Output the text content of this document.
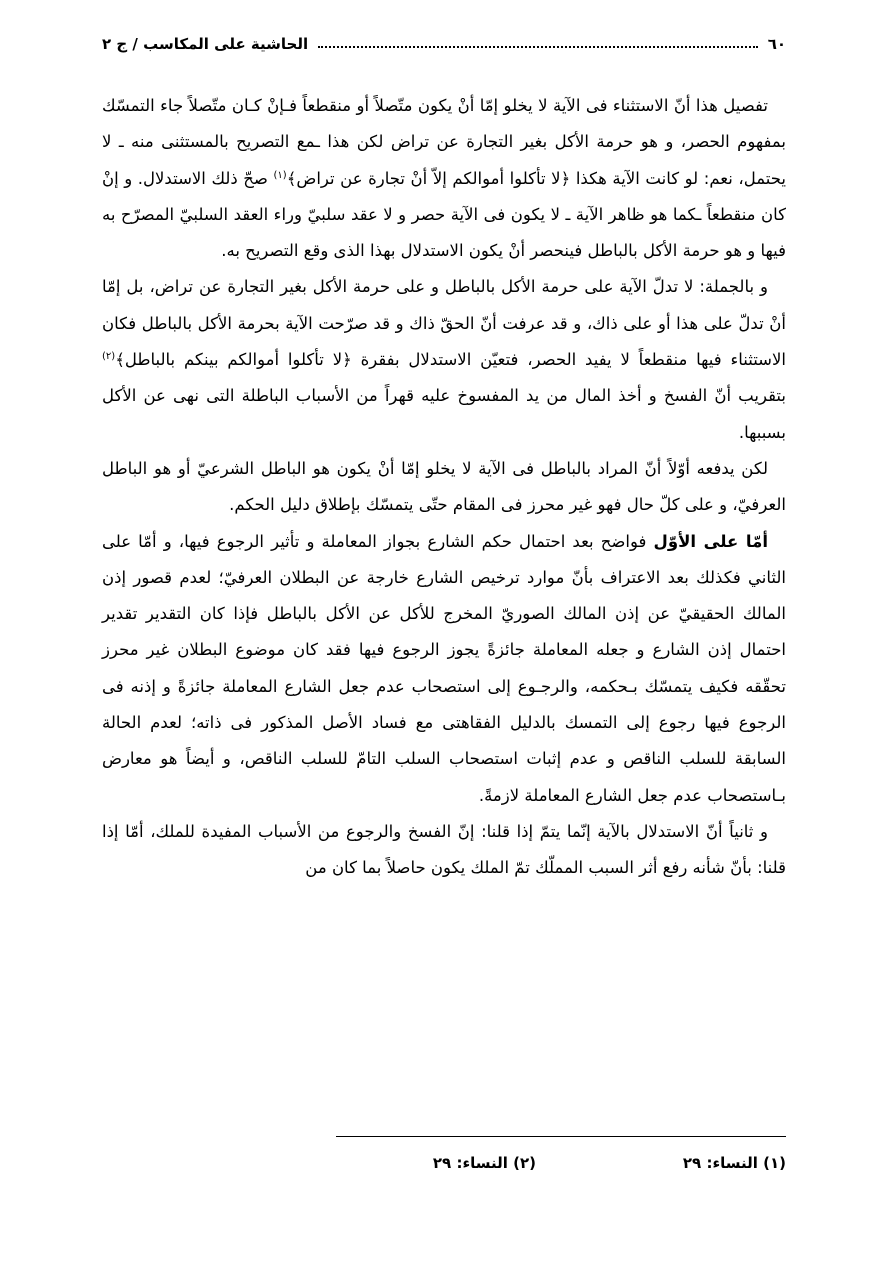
٦٠
الحاشية على المكاسب / ج ٢

تفصيل هذا أنّ الاستثناء فى الآية لا يخلو إمّا أنْ يكون متّصلاً أو منقطعاً فـإنْ كـان متّصلاً جاء التمسّك بمفهوم الحصر، و هو حرمة الأكل بغير التجارة عن تراض لكن هذا ـمع التصريح بالمستثنى منه ـ لا يحتمل، نعم: لو كانت الآية هكذا ﴿لا تأكلوا أموالكم إلاّ أنْ تجارة عن تراض﴾$^{(١)}$ صحّ ذلك الاستدلال. و إنْ كان منقطعاً ـكما هو ظاهر الآية ـ لا يكون فى الآية حصر و لا عقد سلبيّ وراء العقد السلبيّ المصرّح به فيها و هو حرمة الأكل بالباطل فينحصر أنْ يكون الاستدلال بهذا الذى وقع التصريح به.

و بالجملة: لا تدلّ الآية على حرمة الأكل بالباطل و على حرمة الأكل بغير التجارة عن تراض، بل إمّا أنْ تدلّ على هذا أو على ذاك، و قد عرفت أنّ الحقّ ذاك و قد صرّحت الآية بحرمة الأكل بالباطل فكان الاستثناء فيها منقطعاً لا يفيد الحصر، فتعيّن الاستدلال بفقرة ﴿لا تأكلوا أموالكم بينكم بالباطل﴾$^{(٢)}$ بتقريب أنّ الفسخ و أخذ المال من يد المفسوخ عليه قهراً من الأسباب الباطلة التى نهى عن الأكل بسببها.

لكن يدفعه أوّلاً أنّ المراد بالباطل فى الآية لا يخلو إمّا أنْ يكون هو الباطل الشرعيّ أو هو الباطل العرفيّ، و على كلّ حال فهو غير محرز فى المقام حتّى يتمسّك بإطلاق دليل الحكم.

أمّا على الأوّل فواضح بعد احتمال حكم الشارع بجواز المعاملة و تأثير الرجوع فيها، و أمّا على الثاني فكذلك بعد الاعتراف بأنّ موارد ترخيص الشارع خارجة عن البطلان العرفيّ؛ لعدم قصور إذن المالك الحقيقيّ عن إذن المالك الصوريّ المخرج للأكل عن الأكل بالباطل فإذا كان التقدير تقدير احتمال إذن الشارع و جعله المعاملة جائزةً يجوز الرجوع فيها فقد كان موضوع البطلان غير محرز تحقّقه فكيف يتمسّك بـحكمه، والرجـوع إلى استصحاب عدم جعل الشارع المعاملة جائزةً و إذنه فى الرجوع فيها رجوع إلى التمسك بالدليل الفقاهتى مع فساد الأصل المذكور فى ذاته؛ لعدم الحالة السابقة للسلب الناقص و عدم إثبات استصحاب السلب التامّ للسلب الناقص، و أيضاً هو معارض بـاستصحاب عدم جعل الشارع المعاملة لازمةً.

و ثانياً أنّ الاستدلال بالآية إنّما يتمّ إذا قلنا: إنّ الفسخ والرجوع من الأسباب المفيدة للملك، أمّا إذا قلنا: بأنّ شأنه رفع أثر السبب المملّك تمّ الملك يكون حاصلاً بما كان من

(١) النساء: ٢٩
(٢) النساء: ٢٩
